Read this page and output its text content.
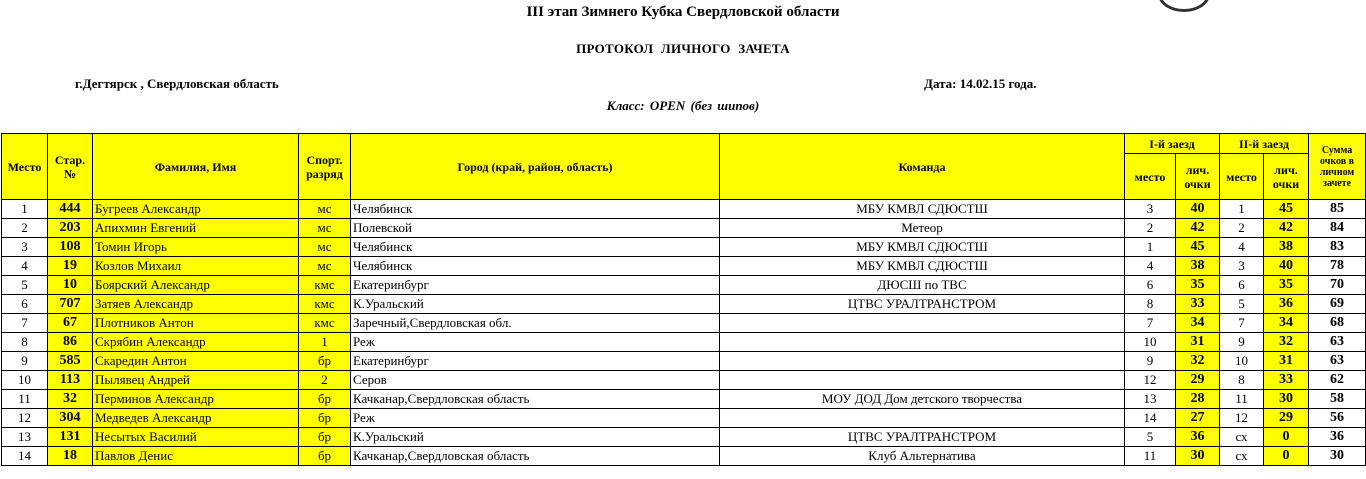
III этап Зимнего Кубка Свердловской области
ПРОТОКОЛ ЛИЧНОГО ЗАЧЕТА
г.Дегтярск , Свердловская область	Дата: 14.02.15 года.
Класс: OPEN (без шипов)
Место	Стар. №	Фамилия, Имя	Спорт. разряд	Город (край, район, область)	Команда	I-й заезд		II-й заезд		Сумма очков в личном зачете
						место	лич. очки	место	лич. очки	
1	444	Бугреев Александр	мс	Челябинск	МБУ КМВЛ СДЮСТШ	3	40	1	45	85
2	203	Апихмин Евгений	мс	Полевской	Метеор	2	42	2	42	84
3	108	Томин Игорь	мс	Челябинск	МБУ КМВЛ СДЮСТШ	1	45	4	38	83
4	19	Козлов Михаил	мс	Челябинск	МБУ КМВЛ СДЮСТШ	4	38	3	40	78
5	10	Боярский Александр	кмс	Екатеринбург	ДЮСШ по ТВС	6	35	6	35	70
6	707	Затяев Александр	кмс	К.Уральский	ЦТВС УРАЛТРАНСТРОМ	8	33	5	36	69
7	67	Плотников Антон	кмс	Заречный,Свердловская обл.		7	34	7	34	68
8	86	Скрябин Александр	1	Реж		10	31	9	32	63
9	585	Скаредин Антон	бр	Екатеринбург		9	32	10	31	63
10	113	Пылявец Андрей	2	Серов		12	29	8	33	62
11	32	Перминов Александр	бр	Качканар,Свердловская область	МОУ ДОД Дом детского творчества	13	28	11	30	58
12	304	Медведев Александр	бр	Реж		14	27	12	29	56
13	131	Несытых Василий	бр	К.Уральский	ЦТВС УРАЛТРАНСТРОМ	5	36	сх	0	36
14	18	Павлов Денис	бр	Качканар,Свердловская область	Клуб Альтернатива	11	30	сх	0	30
